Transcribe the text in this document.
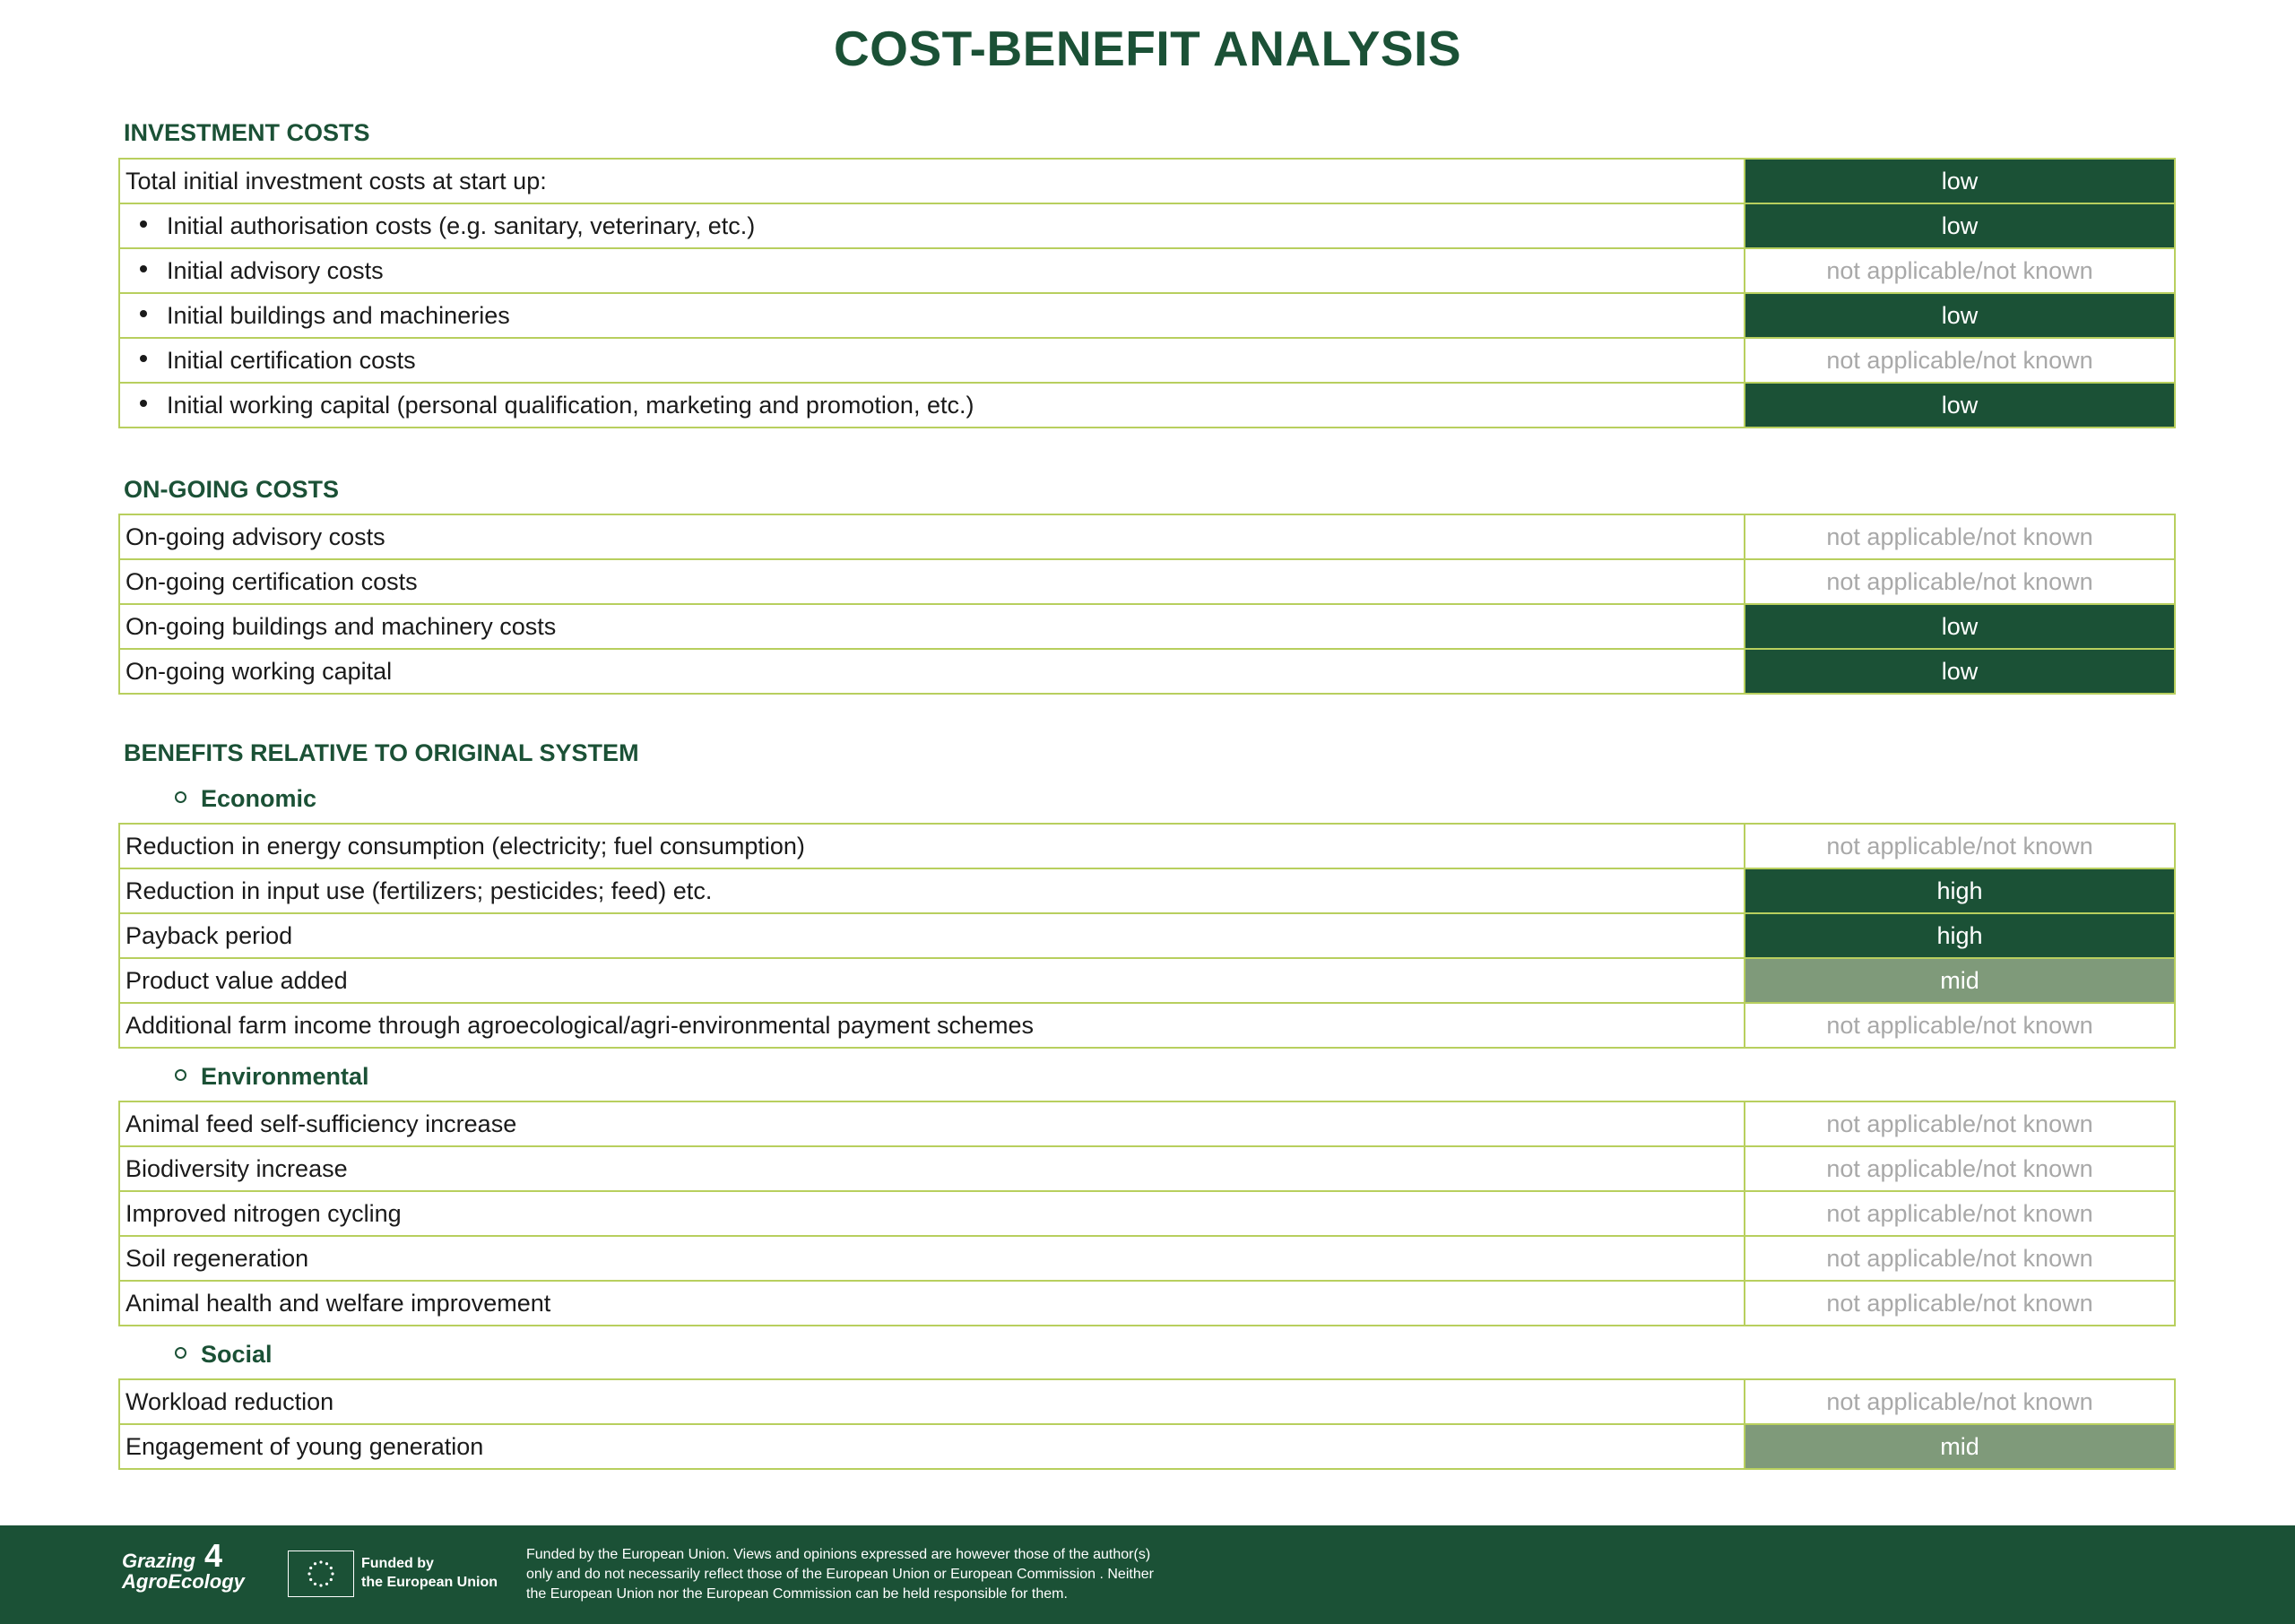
COST-BENEFIT ANALYSIS
INVESTMENT COSTS
Total initial investment costs at start up:	low
Initial authorisation costs (e.g. sanitary, veterinary, etc.)	low
Initial advisory costs	not applicable/not known
Initial buildings and machineries	low
Initial certification costs	not applicable/not known
Initial working capital (personal qualification, marketing and promotion, etc.)	low
ON-GOING COSTS
On-going advisory costs	not applicable/not known
On-going certification costs	not applicable/not known
On-going buildings and machinery costs	low
On-going working capital	low
BENEFITS RELATIVE TO ORIGINAL SYSTEM
Economic
Reduction in energy consumption (electricity; fuel consumption)	not applicable/not known
Reduction in input use (fertilizers; pesticides; feed) etc.	high
Payback period	high
Product value added	mid
Additional farm income through agroecological/agri-environmental payment schemes	not applicable/not known
Environmental
Animal feed self-sufficiency increase	not applicable/not known
Biodiversity increase	not applicable/not known
Improved nitrogen cycling	not applicable/not known
Soil regeneration	not applicable/not known
Animal health and welfare improvement	not applicable/not known
Social
Workload reduction	not applicable/not known
Engagement of young generation	mid
Grazing
AgroEcology
4	Funded by
the European Union
Funded by the European Union. Views and opinions expressed are however those of the author(s)
only and do not necessarily reflect those of the European Union or European Commission . Neither
the European Union nor the European Commission can be held responsible for them.
